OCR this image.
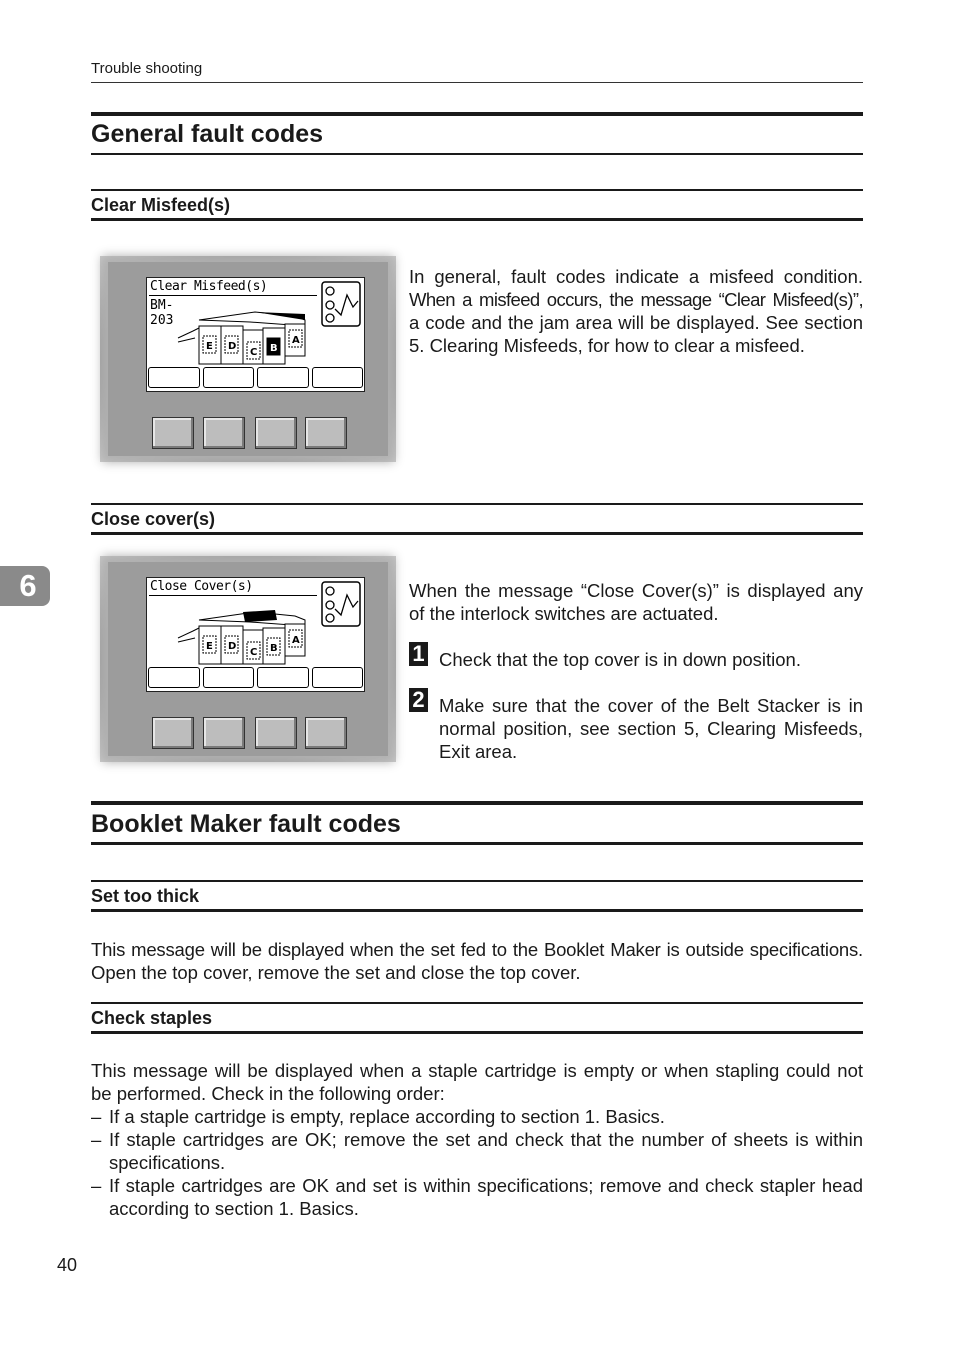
Trouble shooting
6
General fault codes
Clear Misfeed(s)
Clear Misfeed(s)
BM-
203
E D
C B
A
In general, fault codes indicate a misfeed condition.
When a misfeed occurs, the message “Clear Misfeed(s)”,
a code and the jam area will be displayed. See section
5. Clearing Misfeeds, for how to clear a misfeed.
Close cover(s)
Close Cover(s)
E D
C B
A
When the message “Close Cover(s)” is displayed any
of the interlock switches are actuated.
1 Check that the top cover is in down position.
2 Make sure that the cover of the Belt Stacker is in
normal position, see section 5, Clearing Misfeeds,
Exit area.
Booklet Maker fault codes
Set too thick
This message will be displayed when the set fed to the Booklet Maker is outside specifications.
Open the top cover, remove the set and close the top cover.
Check staples
This message will be displayed when a staple cartridge is empty or when stapling could not
be performed. Check in the following order:
– If a staple cartridge is empty, replace according to section 1. Basics.
– If staple cartridges are OK; remove the set and check that the number of sheets is within
specifications.
– If staple cartridges are OK and set is within specifications; remove and check stapler head
according to section 1. Basics.
40
